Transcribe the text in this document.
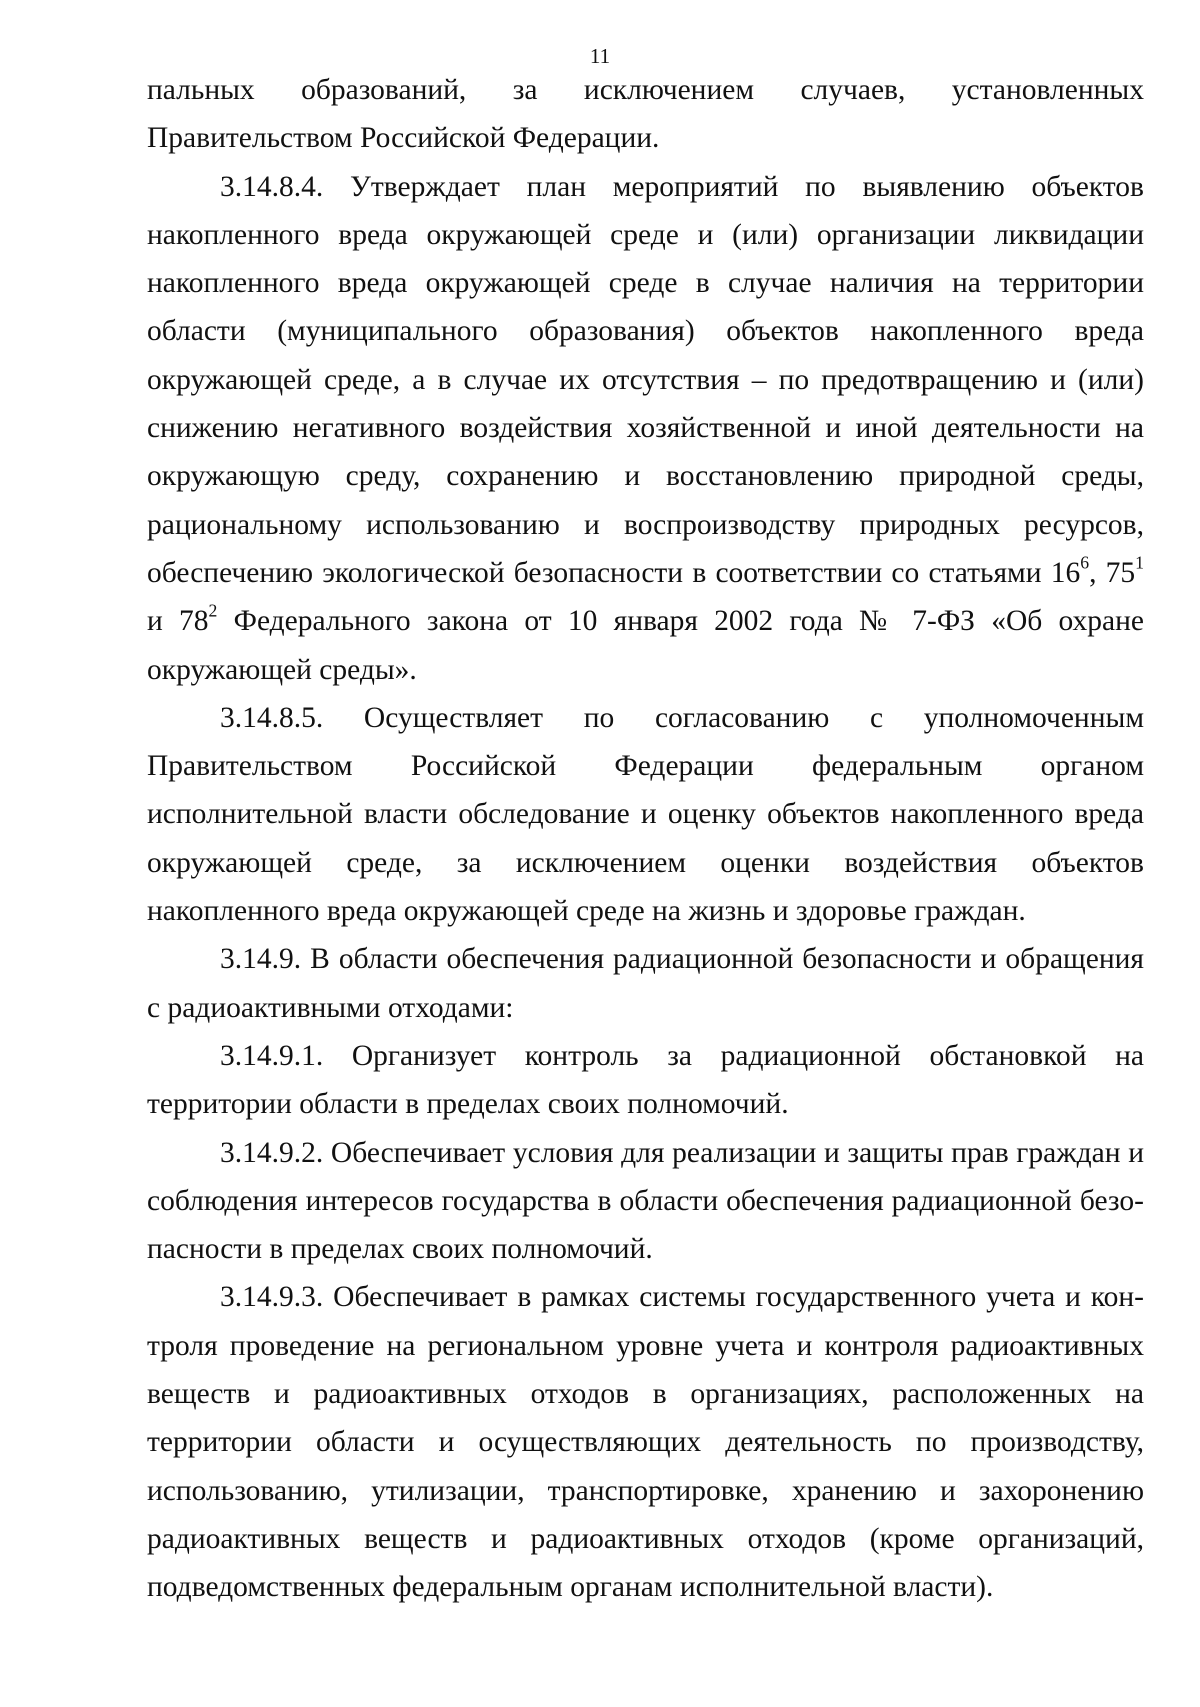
11

пальных образований, за исключением случаев, установленных Правительством Российской Федерации.

3.14.8.4. Утверждает план мероприятий по выявлению объектов накопленного вреда окружающей среде и (или) организации ликвидации накопленного вреда окружающей среде в случае наличия на территории области (муниципального образования) объектов накопленного вреда окружающей среде, а в случае их отсутствия – по предотвращению и (или) снижению негативного воздействия хозяйственной и иной деятельности на окружающую среду, сохранению и восстановлению природной среды, рациональному использованию и воспроизводству природных ресурсов, обеспечению экологической безопасности в соответствии со статьями $16^6$, $75^1$ и $78^2$ Федерального закона от 10 января 2002 года № 7-ФЗ «Об охране окружающей среды».

3.14.8.5. Осуществляет по согласованию с уполномоченным Правительством Российской Федерации федеральным органом исполнительной власти обследование и оценку объектов накопленного вреда окружающей среде, за исключением оценки воздействия объектов накопленного вреда окружающей среде на жизнь и здоровье граждан.

3.14.9. В области обеспечения радиационной безопасности и обращения с радиоактивными отходами:

3.14.9.1. Организует контроль за радиационной обстановкой на территории области в пределах своих полномочий.

3.14.9.2. Обеспечивает условия для реализации и защиты прав граждан и соблюдения интересов государства в области обеспечения радиационной безопасности в пределах своих полномочий.

3.14.9.3. Обеспечивает в рамках системы государственного учета и контроля проведение на региональном уровне учета и контроля радиоактивных веществ и радиоактивных отходов в организациях, расположенных на территории области и осуществляющих деятельность по производству, использованию, утилизации, транспортировке, хранению и захоронению радиоактивных веществ и радиоактивных отходов (кроме организаций, подведомственных федеральным органам исполнительной власти).
